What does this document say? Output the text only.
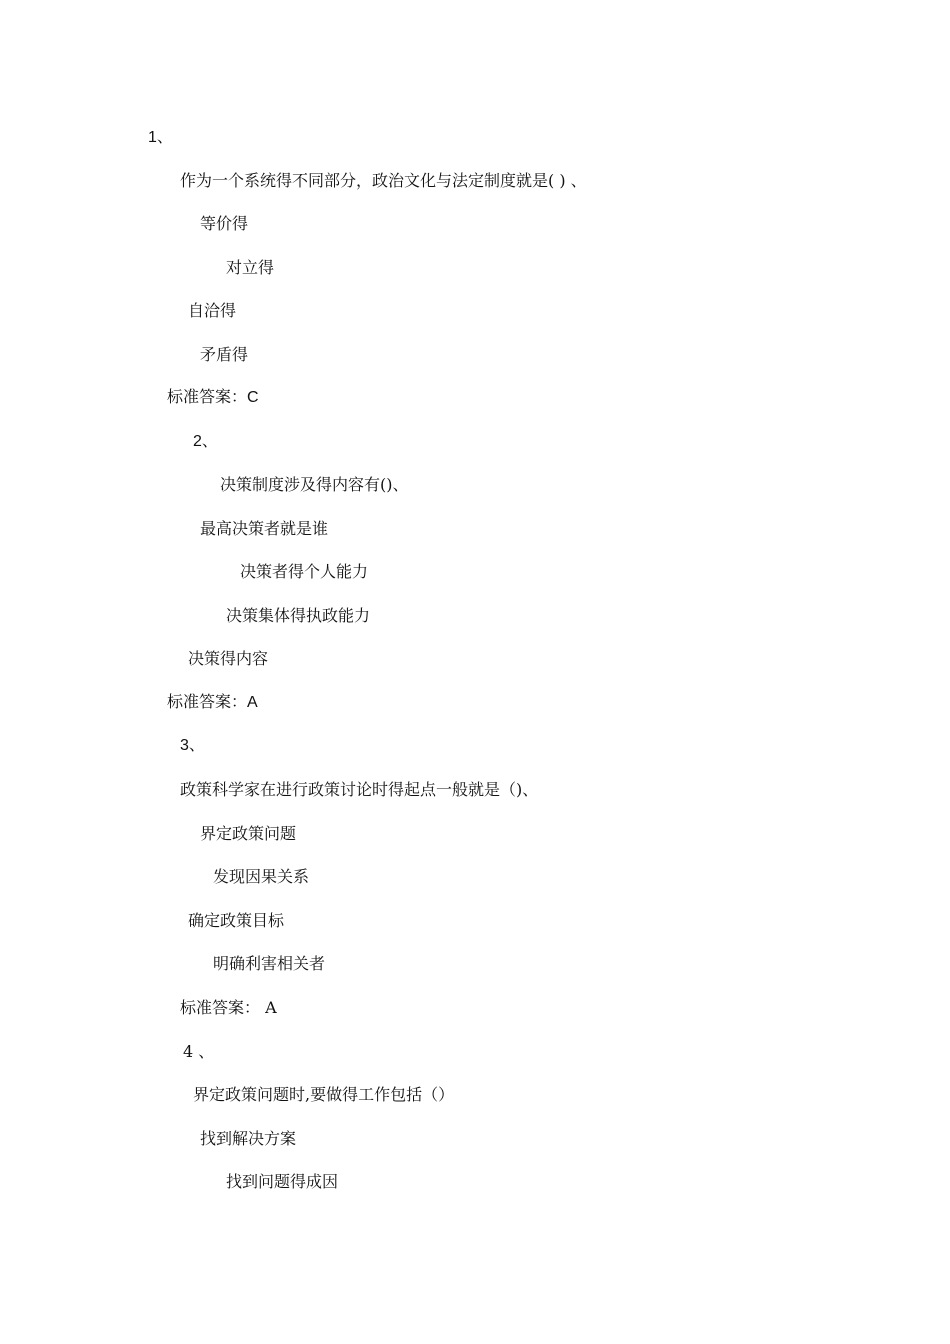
1、
作为一个系统得不同部分，政治文化与法定制度就是( ) 、
等价得
对立得
自洽得
矛盾得
标准答案：C
2、
决策制度涉及得内容有()、
最高决策者就是谁
决策者得个人能力
决策集体得执政能力
决策得内容
标准答案：A
3、
政策科学家在进行政策讨论时得起点一般就是（)、
界定政策问题
发现因果关系
确定政策目标
明确利害相关者
标准答案： A
4 、
界定政策问题时,要做得工作包括（）
找到解决方案
找到问题得成因
